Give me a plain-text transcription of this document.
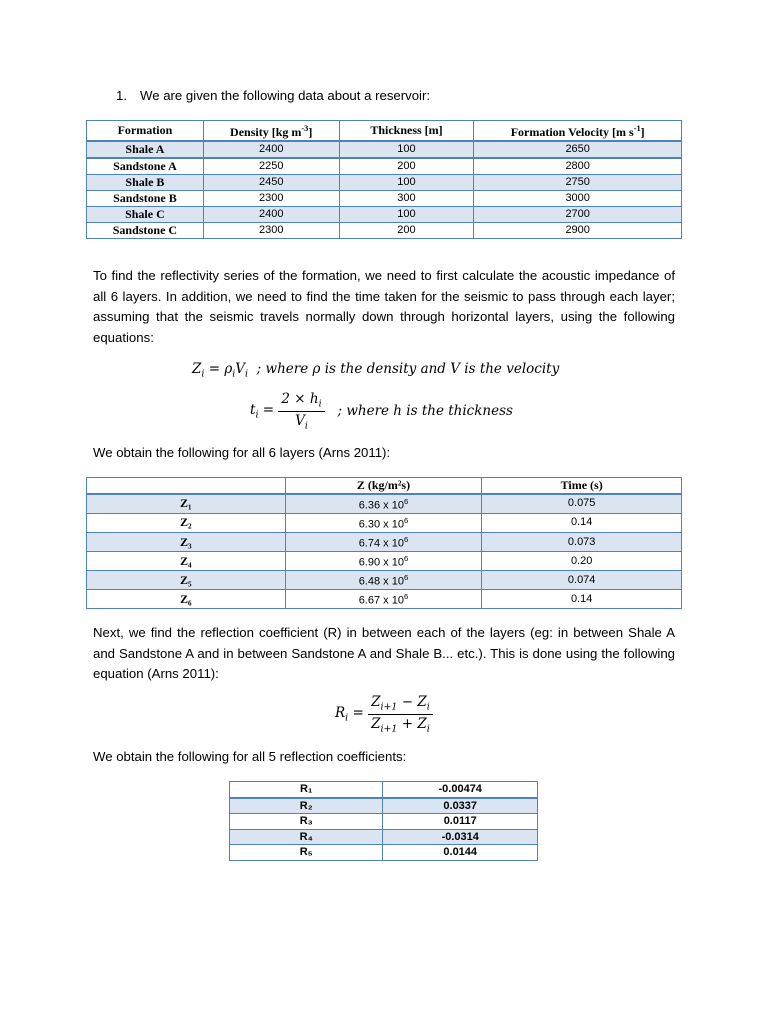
1. We are given the following data about a reservoir:
Formation	Density [kg $m^{-3}$]	Thickness [m]	Formation Velocity [m $s^{-1}$]
Shale A	2400	100	2650
Sandstone A	2250	200	2800
Shale B	2450	100	2750
Sandstone B	2300	300	3000
Shale C	2400	100	2700
Sandstone C	2300	200	2900
To find the reflectivity series of the formation, we need to first calculate the acoustic impedance of all 6 layers. In addition, we need to find the time taken for the seismic to pass through each layer; assuming that the seismic travels normally down through horizontal layers, using the following equations:
$Z_i = \rho_iV_i$ ; where ρ is the density and V is the velocity
$t_i = \frac{2 \times h_i}{V_i}$ ; where h is the thickness
We obtain the following for all 6 layers (Arns 2011):
	Z (kg/m²s)	Time (s)
Z₁	6.36 x $10^6$	0.075
Z₂	6.30 x $10^6$	0.14
Z₃	6.74 x $10^6$	0.073
Z₄	6.90 x $10^6$	0.20
Z₅	6.48 x $10^6$	0.074
Z₆	6.67 x $10^6$	0.14
Next, we find the reflection coefficient (R) in between each of the layers (eg: in between Shale A and Sandstone A and in between Sandstone A and Shale B... etc.). This is done using the following equation (Arns 2011):
$R_i = \frac{Z_{i+1} - Z_i}{Z_{i+1} + Z_i}$
We obtain the following for all 5 reflection coefficients:
R₁	-0.00474
R₂	0.0337
R₃	0.0117
R₄	-0.0314
R₅	0.0144
